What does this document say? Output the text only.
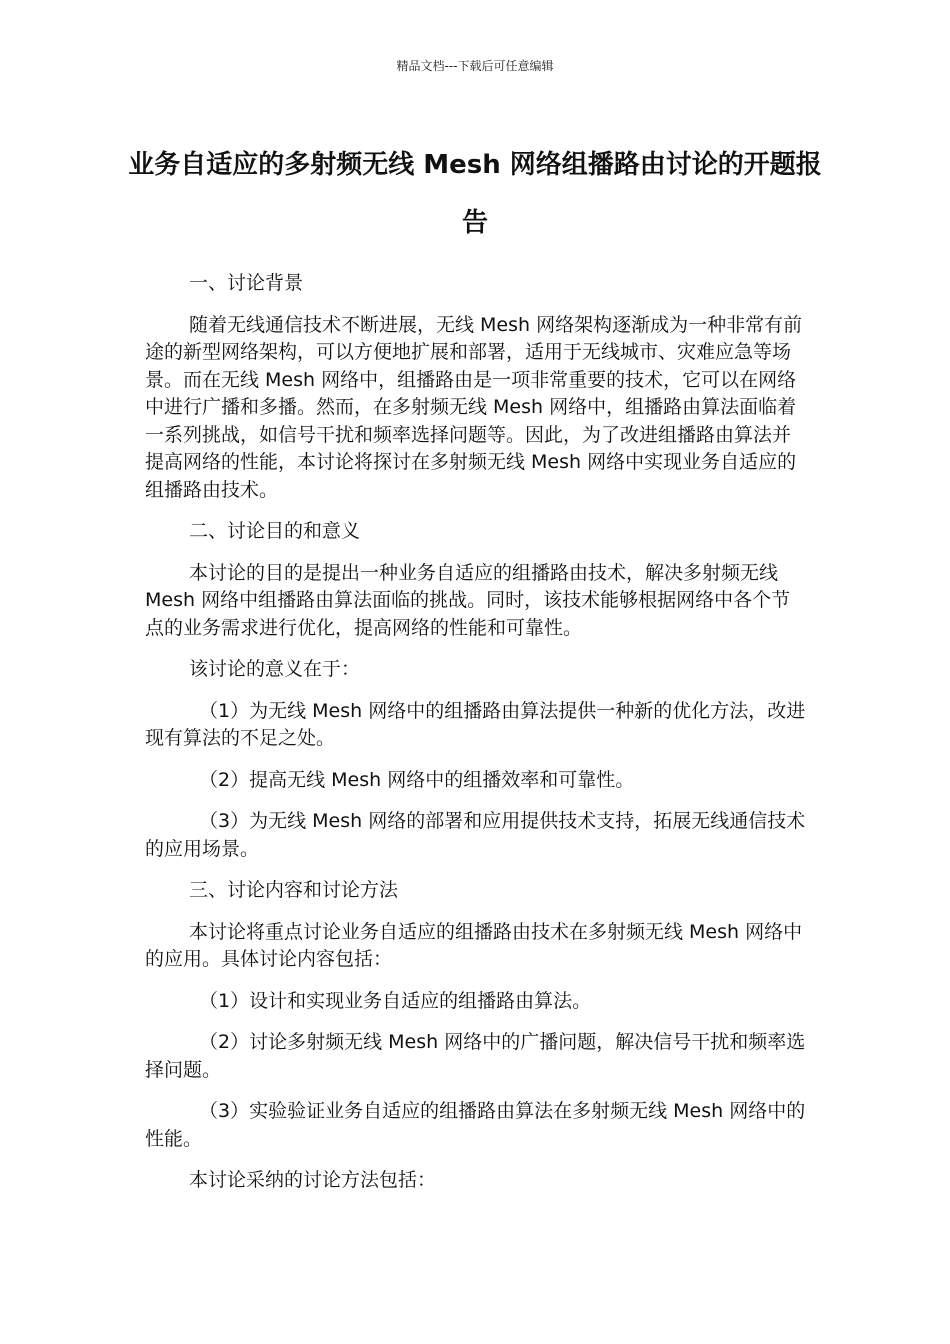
精品文档---下载后可任意编辑
业务自适应的多射频无线 Mesh 网络组播路由讨论的开题报告

一、讨论背景

随着无线通信技术不断进展，无线 Mesh 网络架构逐渐成为一种非常有前途的新型网络架构，可以方便地扩展和部署，适用于无线城市、灾难应急等场景。而在无线 Mesh 网络中，组播路由是一项非常重要的技术，它可以在网络中进行广播和多播。然而，在多射频无线 Mesh 网络中，组播路由算法面临着一系列挑战，如信号干扰和频率选择问题等。因此，为了改进组播路由算法并提高网络的性能，本讨论将探讨在多射频无线 Mesh 网络中实现业务自适应的组播路由技术。

二、讨论目的和意义

本讨论的目的是提出一种业务自适应的组播路由技术，解决多射频无线 Mesh 网络中组播路由算法面临的挑战。同时，该技术能够根据网络中各个节点的业务需求进行优化，提高网络的性能和可靠性。

该讨论的意义在于：

（1）为无线 Mesh 网络中的组播路由算法提供一种新的优化方法，改进现有算法的不足之处。

（2）提高无线 Mesh 网络中的组播效率和可靠性。

（3）为无线 Mesh 网络的部署和应用提供技术支持，拓展无线通信技术的应用场景。

三、讨论内容和讨论方法

本讨论将重点讨论业务自适应的组播路由技术在多射频无线 Mesh 网络中的应用。具体讨论内容包括：

（1）设计和实现业务自适应的组播路由算法。

（2）讨论多射频无线 Mesh 网络中的广播问题，解决信号干扰和频率选择问题。

（3）实验验证业务自适应的组播路由算法在多射频无线 Mesh 网络中的性能。

本讨论采纳的讨论方法包括：
